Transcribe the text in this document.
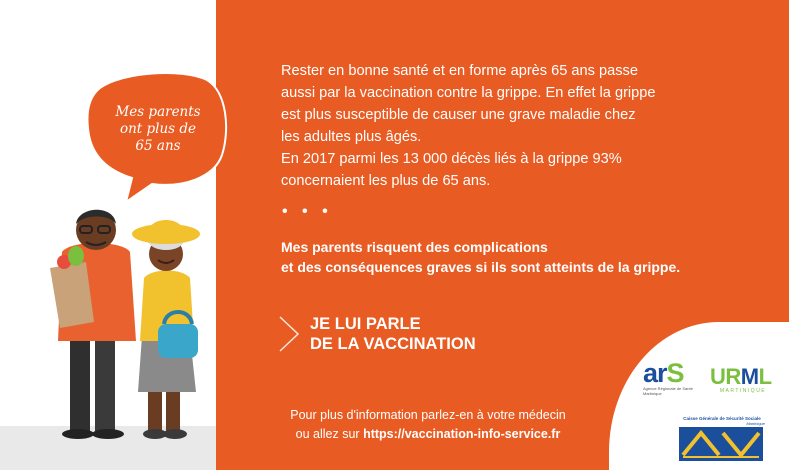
Mes parents
ont plus de
65 ans
Rester en bonne santé et en forme après 65 ans passe
aussi par la vaccination contre la grippe. En effet la grippe
est plus susceptible de causer une grave maladie chez
les adultes plus âgés.
En 2017 parmi les 13 000 décès liés à la grippe 93%
concernaient les plus de 65 ans.
• • •
Mes parents risquent des complications
et des conséquences graves si ils sont atteints de la grippe.
JE LUI PARLE
DE LA VACCINATION
Pour plus d'information parlez-en à votre médecin
ou allez sur https://vaccination-info-service.fr
arS
Agence Régionale de Santé Martinique
URML
MARTINIQUE
Caisse Générale de Sécurité Sociale
Martinique
